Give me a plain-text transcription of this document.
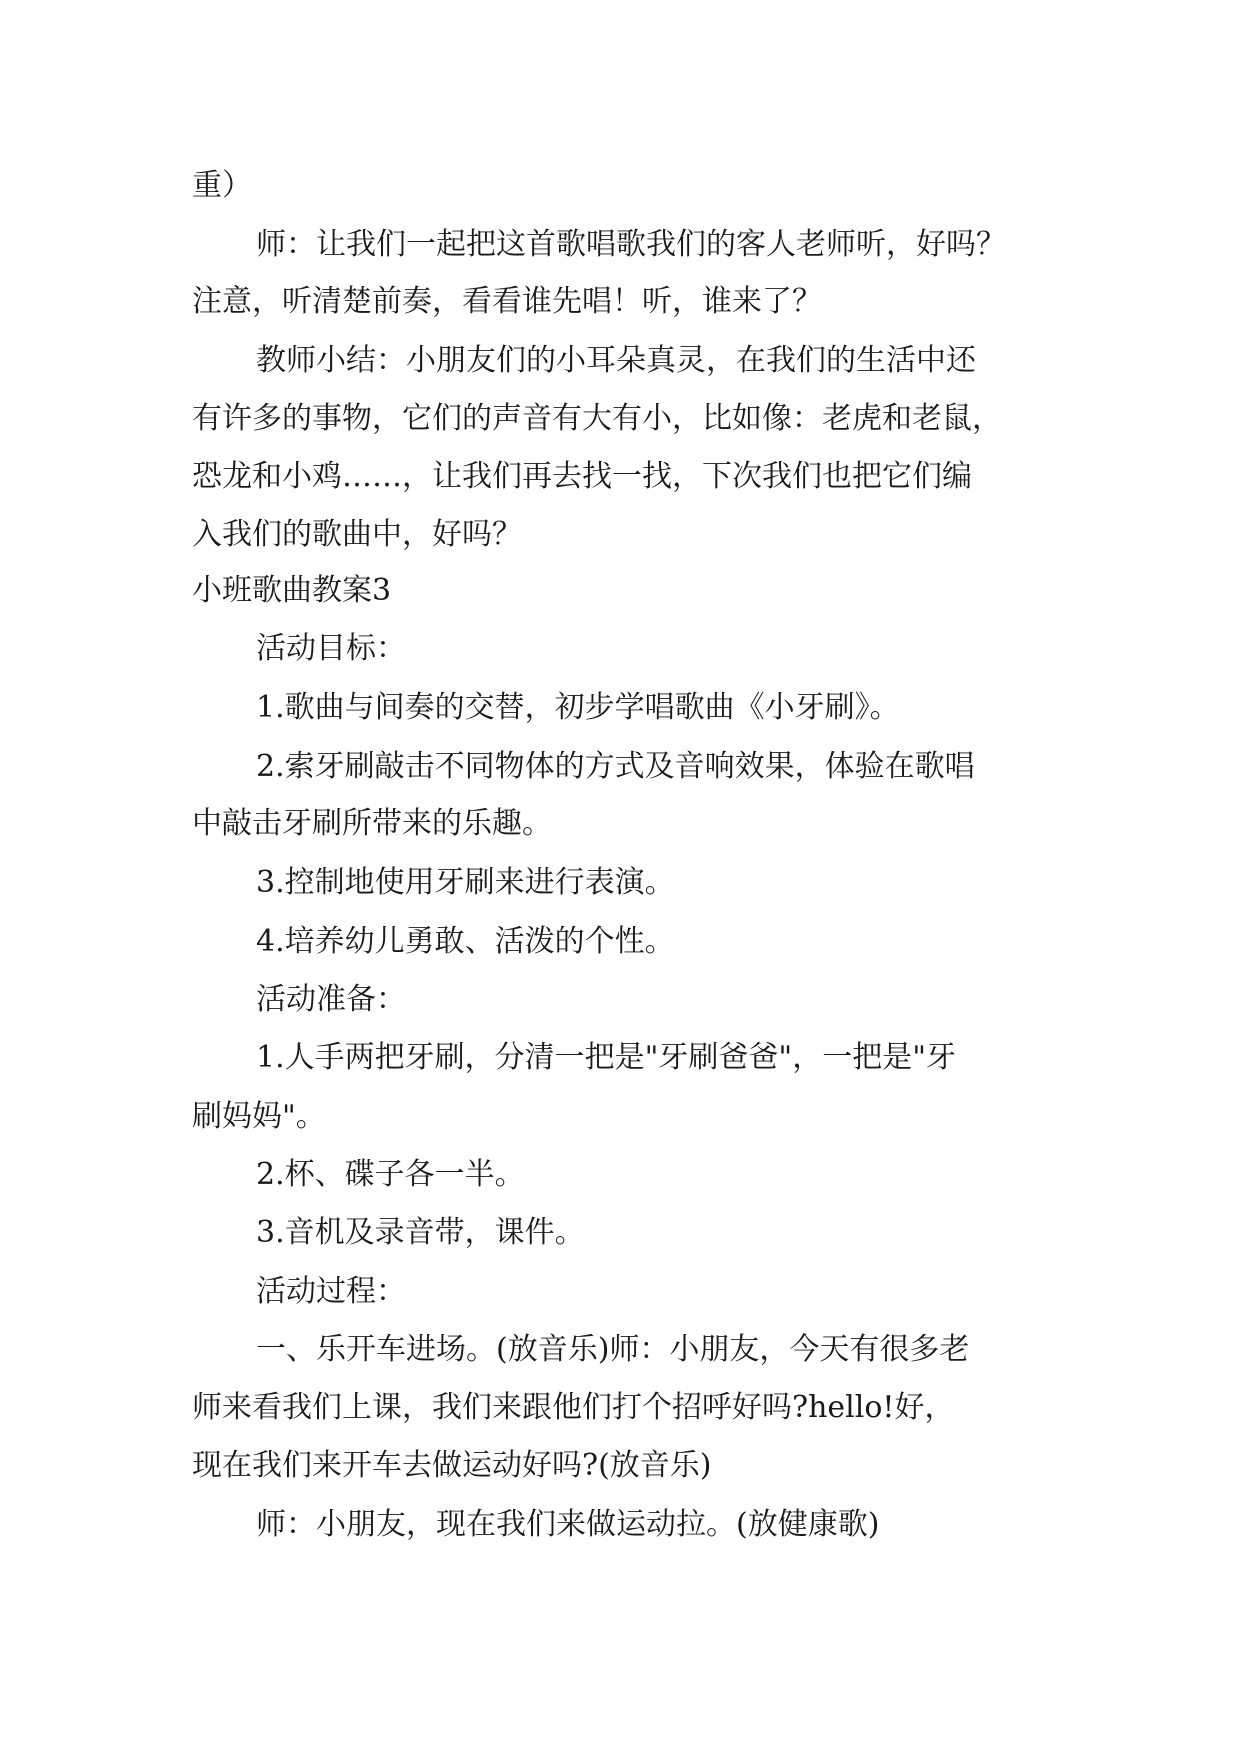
重）

师：让我们一起把这首歌唱歌我们的客人老师听，好吗？

注意，听清楚前奏，看看谁先唱！听，谁来了？

教师小结：小朋友们的小耳朵真灵，在我们的生活中还

有许多的事物，它们的声音有大有小，比如像：老虎和老鼠，

恐龙和小鸡……，让我们再去找一找，下次我们也把它们编

入我们的歌曲中，好吗？

小班歌曲教案3

活动目标：

1.歌曲与间奏的交替，初步学唱歌曲《小牙刷》。

2.索牙刷敲击不同物体的方式及音响效果，体验在歌唱

中敲击牙刷所带来的乐趣。

3.控制地使用牙刷来进行表演。

4.培养幼儿勇敢、活泼的个性。

活动准备：

1.人手两把牙刷，分清一把是"牙刷爸爸"，一把是"牙

刷妈妈"。

2.杯、碟子各一半。

3.音机及录音带，课件。

活动过程：

一、乐开车进场。(放音乐)师：小朋友，今天有很多老

师来看我们上课，我们来跟他们打个招呼好吗?hello!好，

现在我们来开车去做运动好吗?(放音乐)

师：小朋友，现在我们来做运动拉。(放健康歌)
